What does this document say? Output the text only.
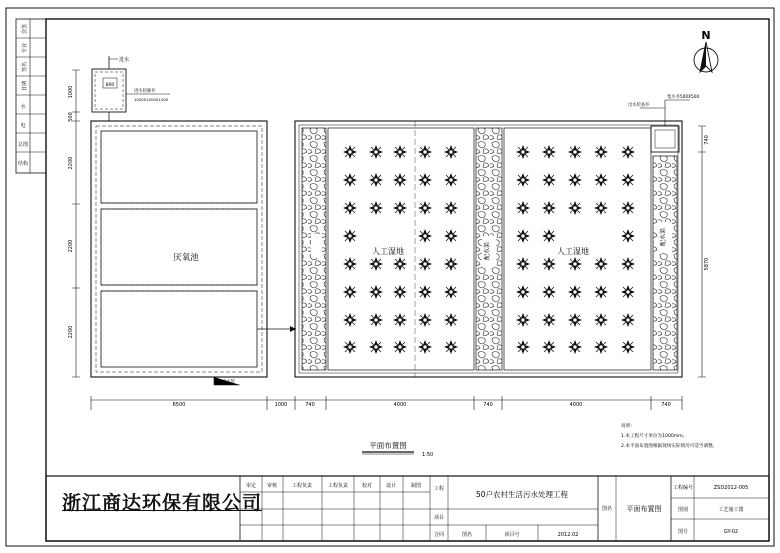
会签
专业
签名
日期
水
电
总图
结构
N
800
进水
进水检修井
1000X1000X1000
厌氧池
出水管
1000
500
2200
2200
2200
人工湿地	人工湿地
配水渠
配水渠
集水井500X500
出水检查井
740
5870
6500	1000	740	4000	740	4000	740
平面布置图
1:50
说明：
1.本工程尺寸单位为1000mm。
2.本平面布置图根据现场实际情况可适当调整。
审定 审核	工程负责	工程负责	校对	设计	制图	工程
项目
合同
50户农村生活污水处理工程
图名	项目号	2012.02
图名 平面布置图
工程编号	ZSD2012-005
图别	工艺施工图
图号	GY-02
浙江商达环保有限公司
